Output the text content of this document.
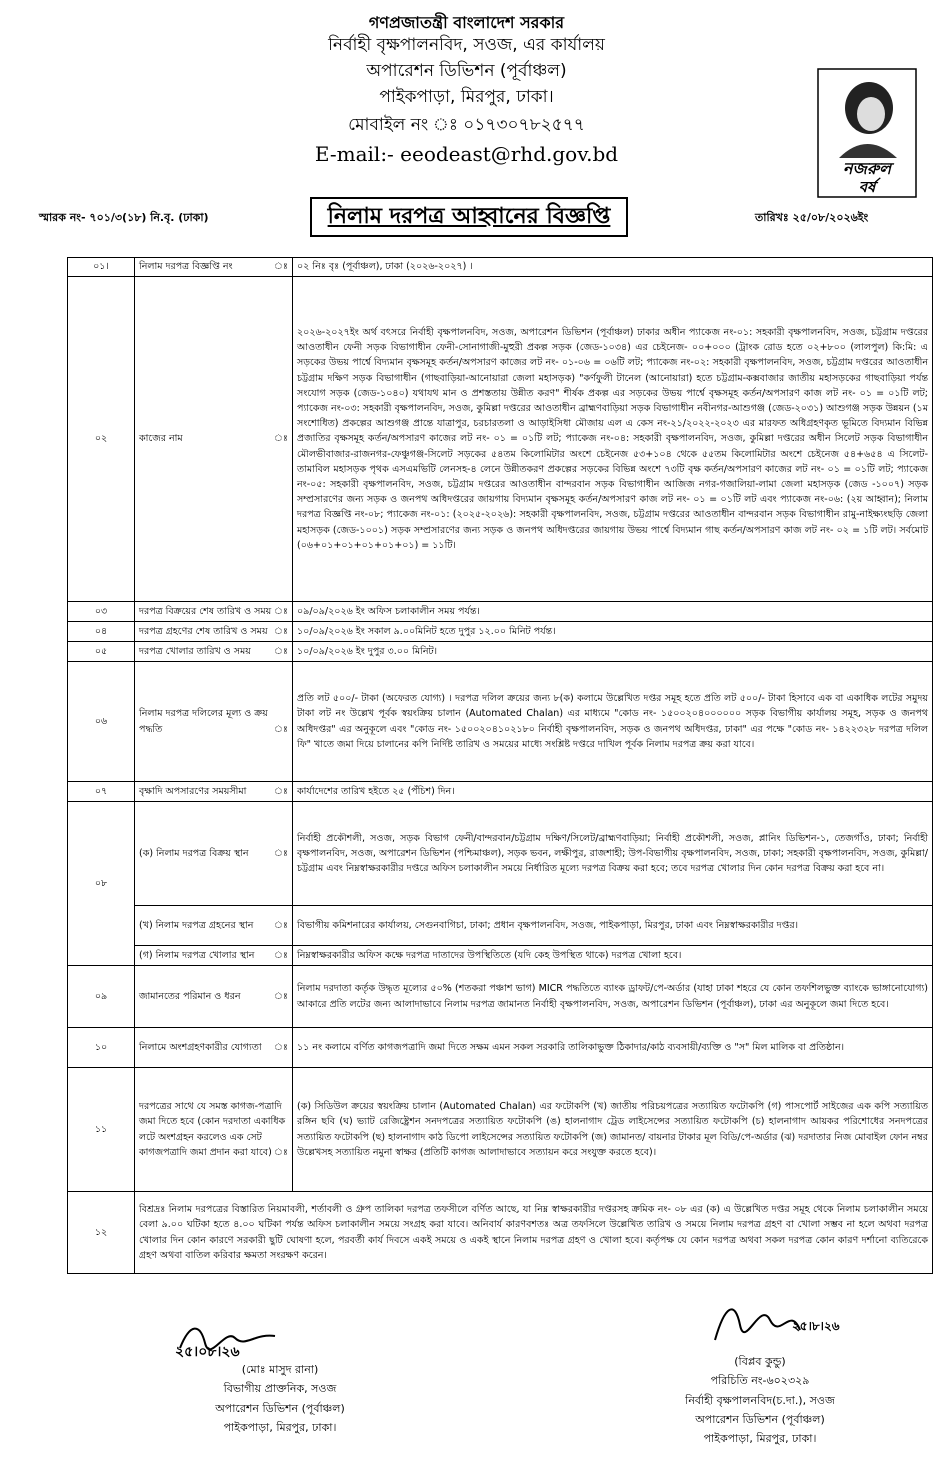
গণপ্রজাতন্ত্রী বাংলাদেশ সরকার
নির্বাহী বৃক্ষপালনবিদ, সওজ, এর কার্যালয়
অপারেশন ডিভিশন (পূর্বাঞ্চল)
পাইকপাড়া, মিরপুর, ঢাকা।
মোবাইল নং ঃ ০১৭৩০৭৮২৫৭৭
E-mail:- eeodeast@rhd.gov.bd
নজরুল
বর্ষ
স্মারক নং- ৭০১/৩(১৮) নি.বৃ. (ঢাকা)	নিলাম দরপত্র আহ্বানের বিজ্ঞপ্তি	তারিখঃ ২৫/০৮/২০২৬ইং
০১।	নিলাম দরপত্র বিজ্ঞপ্তি নং ঃ	০২ নিঃ বৃঃ (পূর্বাঞ্চল), ঢাকা (২০২৬-২০২৭) ।
০২	কাজের নাম ঃ	২০২৬-২০২৭ইং অর্থ বৎসরে নির্বাহী বৃক্ষপালনবিদ, সওজ, অপারেশন ডিভিশন (পূর্বাঞ্চল) ঢাকার অধীন প্যাকেজ নং-০১: সহকারী বৃক্ষপালনবিদ, সওজ, চট্টগ্রাম দপ্তরের আওতাধীন ফেনী সড়ক বিভাগাধীন ফেনী-সোনাগাজী-মুহুরী প্রকল্প সড়ক (জেড-১০৩৪) এর চেইনেজ- ০০+০০০ (ট্রাংক রোড হতে ০২+৮০০ (লালপুল) কি:মি: এ সড়কের উভয় পার্শ্বে বিদ্যমান বৃক্ষসমূহ কর্তন/অপসারণ কাজের লট নং- ০১-০৬ = ০৬টি লট; প্যাকেজ নং-০২: সহকারী বৃক্ষপালনবিদ, সওজ, চট্টগ্রাম দপ্তরের আওতাধীন চট্টগ্রাম দক্ষিণ সড়ক বিভাগাধীন (গাছবাড়িয়া-আনোয়ারা জেলা মহাসড়ক) "কর্ণফুলী টানেল (আনোয়ারা) হতে চট্টগ্রাম-কক্সবাজার জাতীয় মহাসড়কের গাছবাড়িয়া পর্যন্ত সংযোগ সড়ক (জেড-১০৪০) যথাযথ মান ও প্রশস্ততায় উন্নীত করণ" শীর্ষক প্রকল্প এর সড়কের উভয় পার্শ্বে বৃক্ষসমূহ কর্তন/অপসারণ কাজ লট নং- ০১ = ০১টি লট; প্যাকেজ নং-০৩: সহকারী বৃক্ষপালনবিদ, সওজ, কুমিল্লা দপ্তরের আওতাধীন ব্রাহ্মণবাড়িয়া সড়ক বিভাগাধীন নবীনগর-আশুগঞ্জ (জেড-২০৩১) আশুগঞ্জ সড়ক উন্নয়ন (১ম সংশোধিত) প্রকল্পের আশুগঞ্জ প্রান্তে যাত্রাপুর, চরচারতলা ও আড়াইসিধা মৌজায় এল এ কেস নং-২১/২০২২-২০২৩ এর মারফত অধিগ্রহণকৃত ভূমিতে বিদ্যমান বিভিন্ন প্রজাতির বৃক্ষসমূহ কর্তন/অপসারণ কাজের লট নং- ০১ = ০১টি লট; প্যাকেজ নং-০৪: সহকারী বৃক্ষপালনবিদ, সওজ, কুমিল্লা দপ্তরের অধীন সিলেট সড়ক বিভাগাধীন মৌলভীবাজার-রাজনগর-ফেঞ্চুগঞ্জ-সিলেট সড়কের ৫৪তম কিলোমিটার অংশে চেইনেজ ৫৩+১০৪ থেকে ৫৫তম কিলোমিটার অংশে চেইনেজ ৫৪+৬৫৪ এ সিলেট-তামাবিল মহাসড়ক পৃথক এসএমভিটি লেনসহ-৪ লেনে উন্নীতকরণ প্রকল্পের সড়কের বিভিন্ন অংশে ৭৩টি বৃক্ষ কর্তন/অপসারণ কাজের লট নং- ০১ = ০১টি লট; প্যাকেজ নং-০৫: সহকারী বৃক্ষপালনবিদ, সওজ, চট্টগ্রাম দপ্তরের আওতাধীন বান্দরবান সড়ক বিভাগাধীন আজিজ নগর-গজালিয়া-লামা জেলা মহাসড়ক (জেড -১০০৭) সড়ক সম্প্রসারণের জন্য সড়ক ও জনপথ অধিদপ্তরের জায়গায় বিদ্যমান বৃক্ষসমূহ কর্তন/অপসারণ কাজ লট নং- ০১ = ০১টি লট এবং প্যাকেজ নং-০৬: (২য় আহ্বান); নিলাম দরপত্র বিজ্ঞপ্তি নং-০৮; প্যাকেজ নং-০১: (২০২৫-২০২৬): সহকারী বৃক্ষপালনবিদ, সওজ, চট্টগ্রাম দপ্তরের আওতাধীন বান্দরবান সড়ক বিভাগাধীন রামু-নাইক্ষ্যংছড়ি জেলা মহাসড়ক (জেড-১০০১) সড়ক সম্প্রসারণের জন্য সড়ক ও জনপথ অধিদপ্তরের জায়গায় উভয় পার্শ্বে বিদ্যমান গাছ কর্তন/অপসারণ কাজ লট নং- ০২ = ১টি লট। সর্বমোট (০৬+০১+০১+০১+০১+০১) = ১১টি।
০৩	দরপত্র বিক্রয়ের শেষ তারিখ ও সময় ঃ	০৯/০৯/২০২৬ ইং অফিস চলাকালীন সময় পর্যন্ত।
০৪	দরপত্র গ্রহণের শেষ তারিখ ও সময় ঃ	১০/০৯/২০২৬ ইং সকাল ৯.০০মিনিট হতে দুপুর ১২.০০ মিনিট পর্যন্ত।
০৫	দরপত্র খোলার তারিখ ও সময় ঃ	১০/০৯/২০২৬ ইং দুপুর ৩.০০ মিনিট।
০৬	নিলাম দরপত্র দলিলের মূল্য ও ক্রয় পদ্ধতি ঃ	প্রতি লট ৫০০/- টাকা (অফেরত যোগ্য) । দরপত্র দলিল ক্রয়ের জন্য ৮(ক) কলামে উল্লেখিত দপ্তর সমূহ হতে প্রতি লট ৫০০/- টাকা হিসাবে এক বা একাধিক লটের সমুদয় টাকা লট নং উল্লেখ পূর্বক স্বয়ংক্রিয় চালান (Automated Chalan) এর মাধ্যমে "কোড নং- ১৫০০২০৪০০০০০০ সড়ক বিভাগীয় কার্যালয় সমূহ, সড়ক ও জনপথ অধিদপ্তর" এর অনুকূলে এবং "কোড নং- ১৫০০২০৪১০২১৮০ নির্বাহী বৃক্ষপালনবিদ, সড়ক ও জনপথ অধিদপ্তর, ঢাকা" এর পক্ষে "কোড নং- ১৪২২৩২৮ দরপত্র দলিল ফি" খাতে জমা দিয়ে চালানের কপি নির্দিষ্ট তারিখ ও সময়ের মাধ্যে সংশ্লিষ্ট দপ্তরে দাখিল পূর্বক নিলাম দরপত্র ক্রয় করা যাবে।
০৭	বৃক্ষাদি অপসারণের সময়সীমা ঃ	কার্যাদেশের তারিখ হইতে ২৫ (পঁচিশ) দিন।
০৮	(ক) নিলাম দরপত্র বিক্রয় স্থান ঃ	নির্বাহী প্রকৌশলী, সওজ, সড়ক বিভাগ ফেনী/বান্দরবান/চট্টগ্রাম দক্ষিণ/সিলেট/ব্রাহ্মণবাড়িয়া; নির্বাহী প্রকৌশলী, সওজ, প্লানিং ডিভিশন-১, তেজগাঁও, ঢাকা; নির্বাহী বৃক্ষপালনবিদ, সওজ, অপারেশন ডিভিশন (পশ্চিমাঞ্চল), সড়ক ভবন, লক্ষীপুর, রাজশাহী; উপ-বিভাগীয় বৃক্ষপালনবিদ, সওজ, ঢাকা; সহকারী বৃক্ষপালনবিদ, সওজ, কুমিল্লা/চট্টগ্রাম এবং নিম্নস্বাক্ষরকারীর দপ্তরে অফিস চলাকালীন সময়ে নির্ধারিত মূল্যে দরপত্র বিক্রয় করা হবে; তবে দরপত্র খোলার দিন কোন দরপত্র বিক্রয় করা হবে না।
	(খ) নিলাম দরপত্র গ্রহনের স্থান ঃ	বিভাগীয় কমিশনারের কার্যালয়, সেগুনবাগিচা, ঢাকা; প্রধান বৃক্ষপালনবিদ, সওজ, পাইকপাড়া, মিরপুর, ঢাকা এবং নিম্নস্বাক্ষরকারীর দপ্তর।
	(গ) নিলাম দরপত্র খোলার স্থান ঃ	নিম্নস্বাক্ষরকারীর অফিস কক্ষে দরপত্র দাতাদের উপস্থিতিতে (যদি কেহ উপস্থিত থাকে) দরপত্র খোলা হবে।
০৯	জামানতের পরিমান ও ধরন ঃ	নিলাম দরদাতা কর্তৃক উদ্ধৃত মূল্যের ৫০% (শতকরা পঞ্চাশ ভাগ) MICR পদ্ধতিতে ব্যাংক ড্রাফট/পে-অর্ডার (যাহা ঢাকা শহরে যে কোন তফশিলভুক্ত ব্যাংকে ভাঙ্গানোযোগ্য) আকারে প্রতি লটের জন্য আলাদাভাবে নিলাম দরপত্র জামানত নির্বাহী বৃক্ষপালনবিদ, সওজ, অপারেশন ডিভিশন (পূর্বাঞ্চল), ঢাকা এর অনুকূলে জমা দিতে হবে।
১০	নিলামে অংশগ্রহণকারীর যোগ্যতা ঃ	১১ নং কলামে বর্ণিত কাগজপত্রাদি জমা দিতে সক্ষম এমন সকল সরকারি তালিকাভুক্ত ঠিকাদার/কাঠ ব্যবসায়ী/ব্যক্তি ও "স" মিল মালিক বা প্রতিষ্ঠান।
১১	দরপত্রের সাথে যে সমস্ত কাগজ-পত্রাদি জমা দিতে হবে (কোন দরদাতা একাধিক লটে অংশগ্রহন করলেও এক সেট কাগজপত্রাদি জমা প্রদান করা যাবে) ঃ	(ক) সিডিউল ক্রয়ের স্বয়ংক্রিয় চালান (Automated Chalan) এর ফটোকপি (খ) জাতীয় পরিচয়পত্রের সত্যায়িত ফটোকপি (গ) পাসপোর্ট সাইজের এক কপি সত্যায়িত রঙ্গিন ছবি (ঘ) ভ্যাট রেজিষ্ট্রেশন সনদপত্রের সত্যায়িত ফটোকপি (ঙ) হালনাগাদ ট্রেড লাইসেন্সের সত্যায়িত ফটোকপি (চ) হালনাগাদ আয়কর পরিশোধের সনদপত্রের সত্যায়িত ফটোকপি (ছ) হালনাগাদ কাঠ ডিপো লাইসেন্সের সত্যায়িত ফটোকপি (জ) জামানত/ বায়নার টাকার মূল বিডি/পে-অর্ডার (ঝ) দরদাতার নিজ মোবাইল ফোন নম্বর উল্লেখসহ সত্যায়িত নমুনা স্বাক্ষর (প্রতিটি কাগজ আলাদাভাবে সত্যায়ন করে সংযুক্ত করতে হবে)।
১২	বিশ্রদ্রঃ নিলাম দরপত্রের বিস্তারিত নিয়মাবলী, শর্তাবলী ও গ্রুপ তালিকা দরপত্র তফসীলে বর্ণিত আছে, যা নিম্ন স্বাক্ষরকারীর দপ্তরসহ ক্রমিক নং- ০৮ এর (ক) এ উল্লেখিত দপ্তর সমূহ থেকে নিলাম চলাকালীন সময়ে বেলা ৯.০০ ঘটিকা হতে ৪.০০ ঘটিকা পর্যন্ত অফিস চলাকালীন সময়ে সংগ্রহ করা যাবে। অনিবার্য কারণবশতঃ অত্র তফসিলে উল্লেখিত তারিখ ও সময়ে নিলাম দরপত্র গ্রহণ বা খোলা সম্ভব না হলে অথবা দরপত্র খোলার দিন কোন কারণে সরকারী ছুটি ঘোষণা হলে, পরবর্তী কার্য দিবসে একই সময়ে ও একই স্থানে নিলাম দরপত্র গ্রহণ ও খোলা হবে। কর্তৃপক্ষ যে কোন দরপত্র অথবা সকল দরপত্র কোন কারণ দর্শানো ব্যতিরেকে গ্রহণ অথবা বাতিল করিবার ক্ষমতা সংরক্ষণ করেন।	
২৫।০৮।২৬
(মোঃ মাসুদ রানা)
বিভাগীয় প্রাক্তনিক, সওজ
অপারেশন ডিভিশন (পূর্বাঞ্চল)
পাইকপাড়া, মিরপুর, ঢাকা।
২৫।৮।২৬
(বিপ্লব কুন্ডু)
পরিচিতি নং-৬০২৩২৯
নির্বাহী বৃক্ষপালনবিদ(চ.দা.), সওজ
অপারেশন ডিভিশন (পূর্বাঞ্চল)
পাইকপাড়া, মিরপুর, ঢাকা।
